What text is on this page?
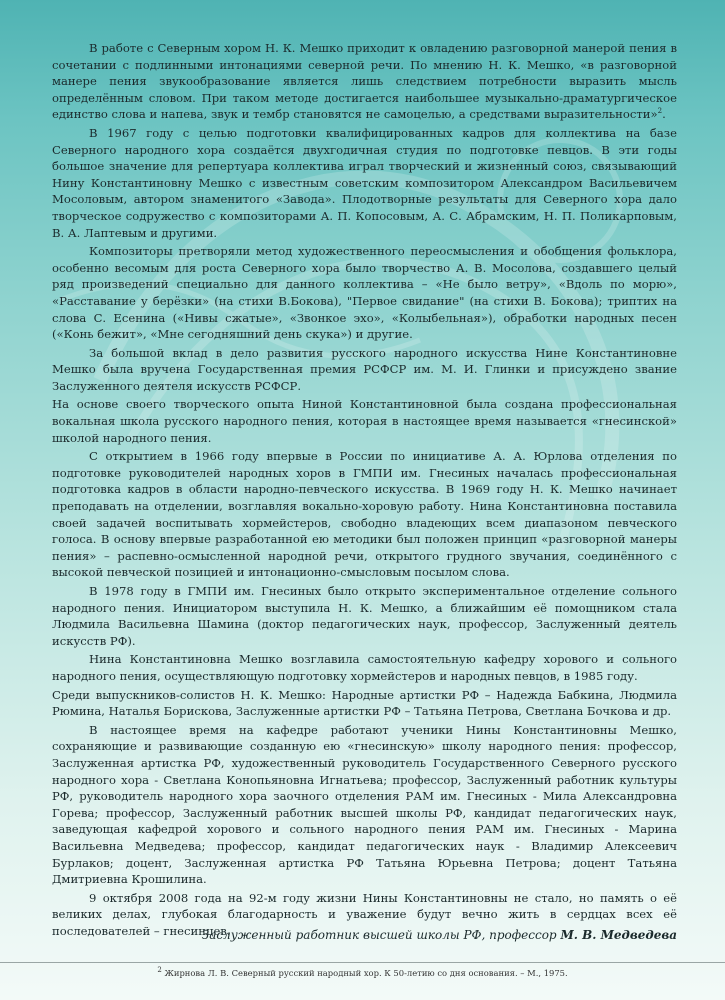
В работе с Северным хором Н. К. Мешко приходит к овладению разговорной манерой пения в сочетании с подлинными интонациями северной речи. По мнению Н. К. Мешко, «в разговорной манере пения звукообразование является лишь следствием потребности выразить мысль определённым словом. При таком методе достигается наибольшее музыкально-драматургическое единство слова и напева, звук и тембр становятся не самоцелью, а средствами выразительности»$^2$.

В 1967 году с целью подготовки квалифицированных кадров для коллектива на базе Северного народного хора создаётся двухгодичная студия по подготовке певцов. В эти годы большое значение для репертуара коллектива играл творческий и жизненный союз, связывающий Нину Константиновну Мешко с известным советским композитором Александром Васильевичем Мосоловым, автором знаменитого «Завода». Плодотворные результаты для Северного хора дало творческое содружество с композиторами А. П. Копосовым, А. С. Абрамским, Н. П. Поликарповым, В. А. Лаптевым и другими.

Композиторы претворяли метод художественного переосмысления и обобщения фольклора, особенно весомым для роста Северного хора было творчество А. В. Мосолова, создавшего целый ряд произведений специально для данного коллектива – «Не было ветру», «Вдоль по морю», «Расставание у берёзки» (на стихи В.Бокова), "Первое свидание" (на стихи В. Бокова); триптих на слова С. Есенина («Нивы сжатые», «Звонкое эхо», «Колыбельная»), обработки народных песен («Конь бежит», «Мне сегодняшний день скука») и другие.

За большой вклад в дело развития русского народного искусства Нине Константиновне Мешко была вручена Государственная премия РСФСР им. М. И. Глинки и присуждено звание Заслуженного деятеля искусств РСФСР.

На основе своего творческого опыта Ниной Константиновной была создана профессиональная вокальная школа русского народного пения, которая в настоящее время называется «гнесинской» школой народного пения.

С открытием в 1966 году впервые в России по инициативе А. А. Юрлова отделения по подготовке руководителей народных хоров в ГМПИ им. Гнесиных началась профессиональная подготовка кадров в области народно-певческого искусства. В 1969 году Н. К. Мешко начинает преподавать на отделении, возглавляя вокально-хоровую работу. Нина Константиновна поставила своей задачей воспитывать хормейстеров, свободно владеющих всем диапазоном певческого голоса. В основу впервые разработанной ею методики был положен принцип «разговорной манеры пения» – распевно-осмысленной народной речи, открытого грудного звучания, соединённого с высокой певческой позицией и интонационно-смысловым посылом слова.

В 1978 году в ГМПИ им. Гнесиных было открыто экспериментальное отделение сольного народного пения. Инициатором выступила Н. К. Мешко, а ближайшим её помощником стала Людмила Васильевна Шамина (доктор педагогических наук, профессор, Заслуженный деятель искусств РФ).

Нина Константиновна Мешко возглавила самостоятельную кафедру хорового и сольного народного пения, осуществляющую подготовку хормейстеров и народных певцов, в 1985 году.

Среди выпускников-солистов Н. К. Мешко: Народные артистки РФ – Надежда Бабкина, Людмила Рюмина, Наталья Борискова, Заслуженные артистки РФ – Татьяна Петрова, Светлана Бочкова и др.

В настоящее время на кафедре работают ученики Нины Константиновны Мешко, сохраняющие и развивающие созданную ею «гнесинскую» школу народного пения: профессор, Заслуженная артистка РФ, художественный руководитель Государственного Северного русского народного хора - Светлана Конопьяновна Игнатьева; профессор, Заслуженный работник культуры РФ, руководитель народного хора заочного отделения РАМ им. Гнесиных - Мила Александровна Горева; профессор, Заслуженный работник высшей школы РФ, кандидат педагогических наук, заведующая кафедрой хорового и сольного народного пения РАМ им. Гнесиных - Марина Васильевна Медведева; профессор, кандидат педагогических наук - Владимир Алексеевич Бурлаков; доцент, Заслуженная артистка РФ Татьяна Юрьевна Петрова; доцент Татьяна Дмитриевна Крошилина.

9 октября 2008 года на 92-м году жизни Нины Константиновны не стало, но память о её великих делах, глубокая благодарность и уважение будут вечно жить в сердцах всех её последователей – гнесинцев.

Заслуженный работник высшей школы РФ, профессор М. В. Медведева
$^2$ Жирнова Л. В. Северный русский народный хор. К 50-летию со дня основания. – М., 1975.
